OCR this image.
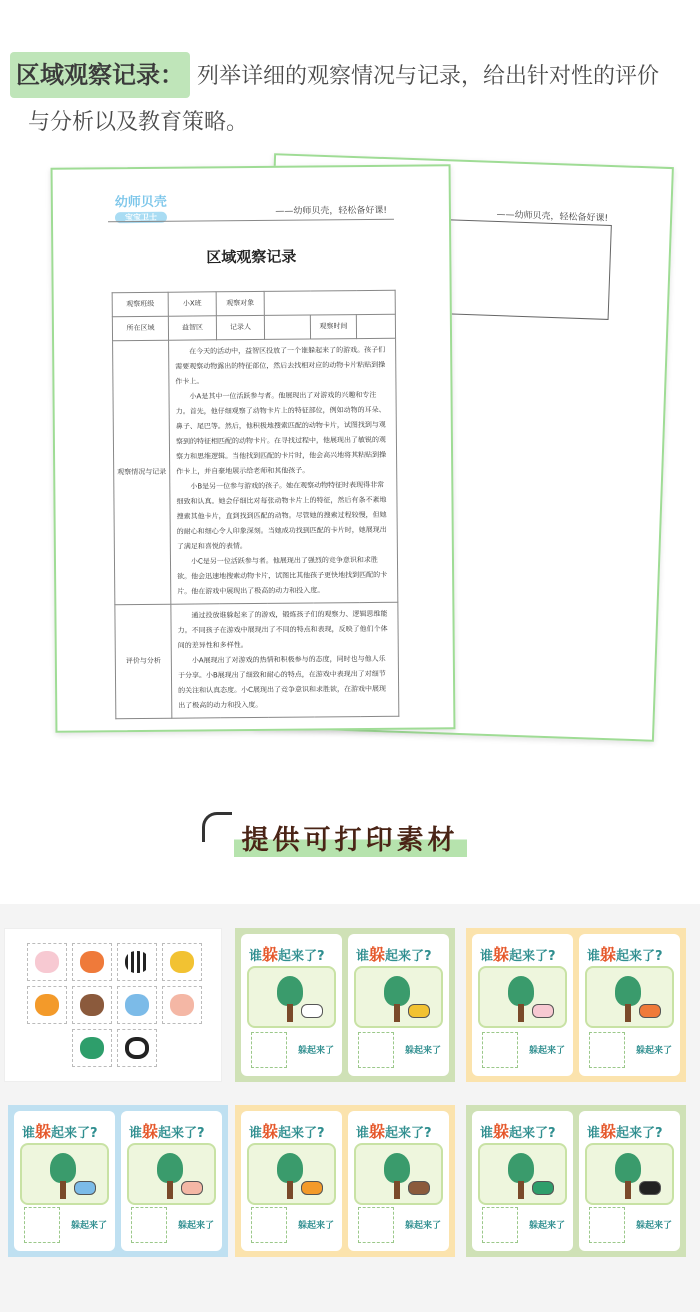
区域观察记录： 列举详细的观察情况与记录，给出针对性的评价
与分析以及教育策略。
——幼师贝壳，轻松备好课!
幼师贝壳
宝宝卫士
——幼师贝壳，轻松备好课!
区域观察记录
观察班级	小X班	观察对象			
所在区域	益智区	记录人		观察时间	
观察情况与记录	在今天的活动中，益智区投放了一个谁躲起来了的游戏。孩子们需要观察动物露出的特征部位，然后去找相对应的动物卡片粘贴到操作卡上。

小A是其中一位活跃参与者。他展现出了对游戏的兴趣和专注力。首先，他仔细观察了动物卡片上的特征部位，例如动物的耳朵、鼻子、尾巴等。然后，他积极地搜索匹配的动物卡片，试图找到与观察到的特征相匹配的动物卡片。在寻找过程中，他展现出了敏锐的观察力和思维逻辑。当他找到匹配的卡片时，他会高兴地将其粘贴到操作卡上，并自豪地展示给老师和其他孩子。

小B是另一位参与游戏的孩子。她在观察动物特征时表现得非常细致和认真。她会仔细比对每张动物卡片上的特征，然后有条不紊地搜索其他卡片，直到找到匹配的动物。尽管她的搜索过程较慢，但她的耐心和细心令人印象深刻。当她成功找到匹配的卡片时，她展现出了满足和喜悦的表情。

小C是另一位活跃参与者。他展现出了强烈的竞争意识和求胜欲。他会迅速地搜索动物卡片，试图比其他孩子更快地找到匹配的卡片。他在游戏中展现出了极高的动力和投入度。				

评价与分析	通过投放谁躲起来了的游戏，锻炼孩子们的观察力、逻辑思维能力。不同孩子在游戏中展现出了不同的特点和表现，反映了他们个体间的差异性和多样性。

小A展现出了对游戏的热情和积极参与的态度，同时也与他人乐于分享。小B展现出了细致和耐心的特点，在游戏中表现出了对细节的关注和认真态度。小C展现出了竞争意识和求胜欲，在游戏中展现出了极高的动力和投入度。				

提供可打印素材
谁躲起来了?
躲起来了
谁躲起来了?
躲起来了
谁躲起来了?
躲起来了
谁躲起来了?
躲起来了
谁躲起来了?
躲起来了
谁躲起来了?
躲起来了
谁躲起来了?
躲起来了
谁躲起来了?
躲起来了
谁躲起来了?
躲起来了
谁躲起来了?
躲起来了
